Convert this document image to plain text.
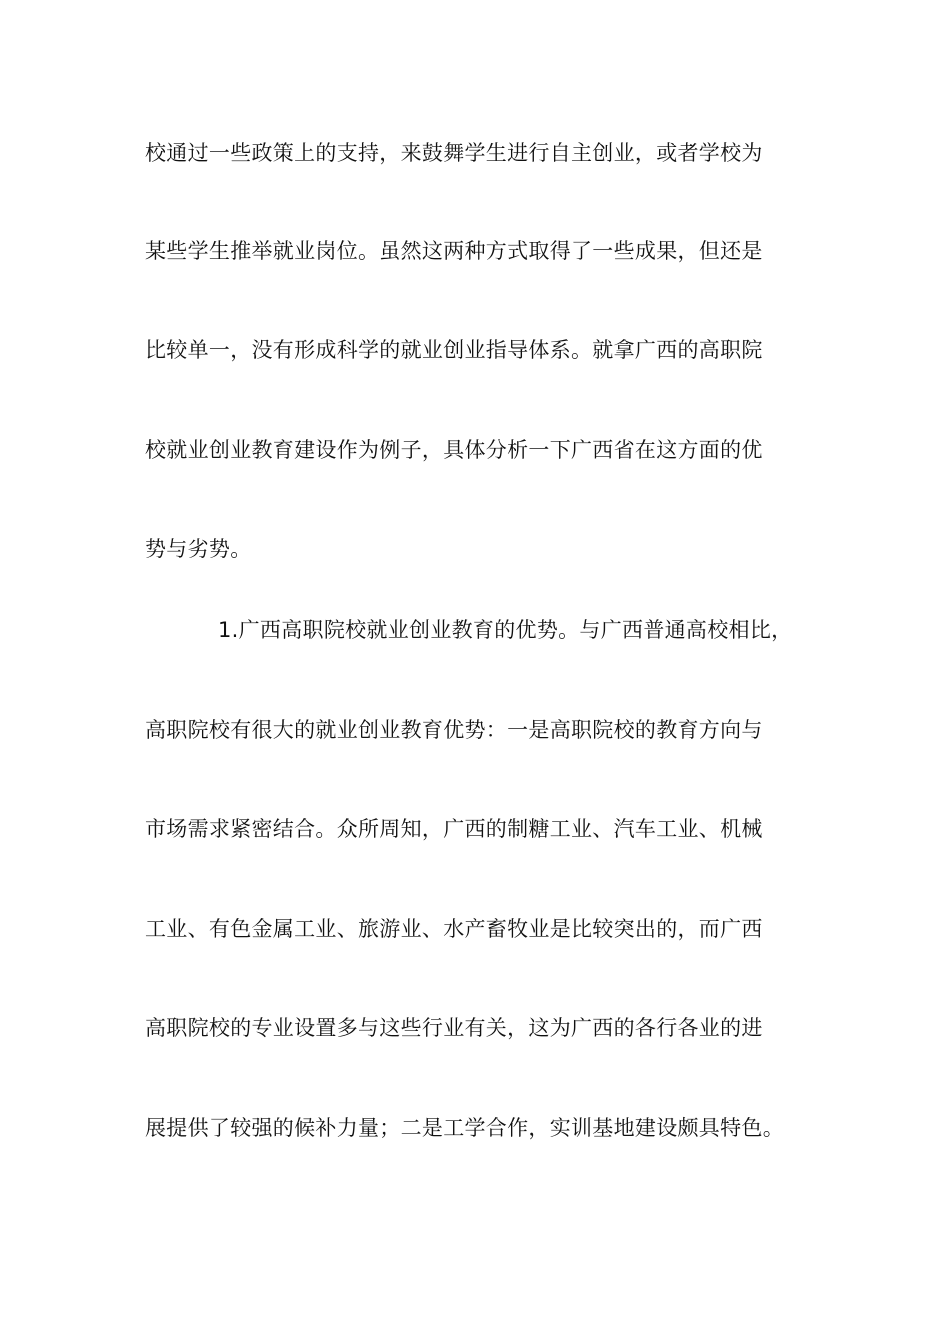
校通过一些政策上的支持，来鼓舞学生进行自主创业，或者学校为
某些学生推举就业岗位。虽然这两种方式取得了一些成果，但还是
比较单一，没有形成科学的就业创业指导体系。就拿广西的高职院
校就业创业教育建设作为例子，具体分析一下广西省在这方面的优
势与劣势。
1.广西高职院校就业创业教育的优势。与广西普通高校相比，
高职院校有很大的就业创业教育优势：一是高职院校的教育方向与
市场需求紧密结合。众所周知，广西的制糖工业、汽车工业、机械
工业、有色金属工业、旅游业、水产畜牧业是比较突出的，而广西
高职院校的专业设置多与这些行业有关，这为广西的各行各业的进
展提供了较强的候补力量；二是工学合作，实训基地建设颇具特色。
